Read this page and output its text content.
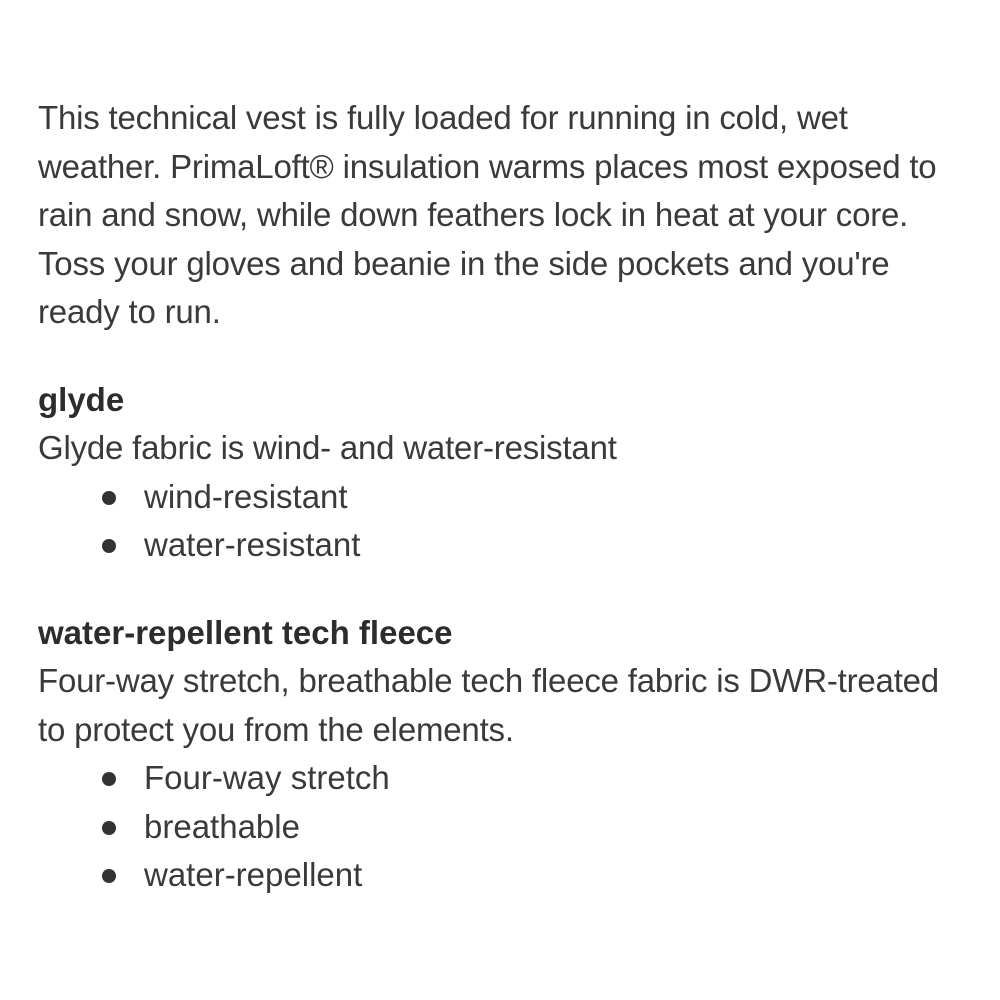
This technical vest is fully loaded for running in cold, wet weather. PrimaLoft® insulation warms places most exposed to rain and snow, while down feathers lock in heat at your core. Toss your gloves and beanie in the side pockets and you're ready to run.

glyde

Glyde fabric is wind- and water-resistant

wind-resistant
water-resistant
water-repellent tech fleece

Four-way stretch, breathable tech fleece fabric is DWR-treated to protect you from the elements.

Four-way stretch
breathable
water-repellent
